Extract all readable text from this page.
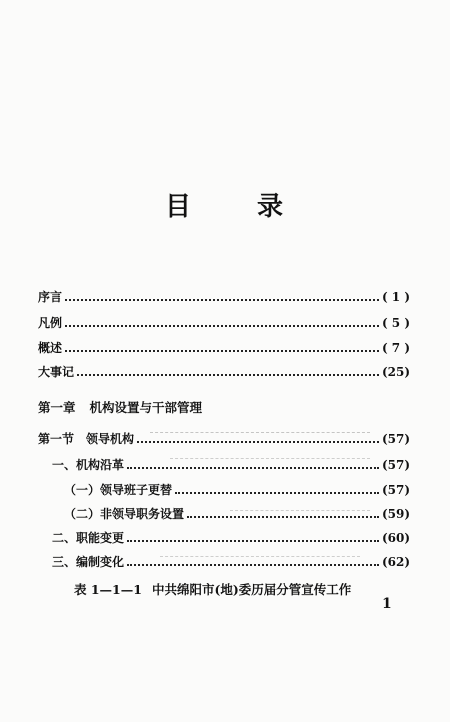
目 录
序言	( 1 )
凡例	( 5 )
概述	( 7 )
大事记	(25)
第一章 机构设置与干部管理
第一节　领导机构	(57)
一、机构沿革	(57)
（一）领导班子更替	(57)
（二）非领导职务设置	(59)
二、职能变更	(60)
三、编制变化	(62)
表 1—1—1 中共绵阳市(地)委历届分管宣传工作
1
